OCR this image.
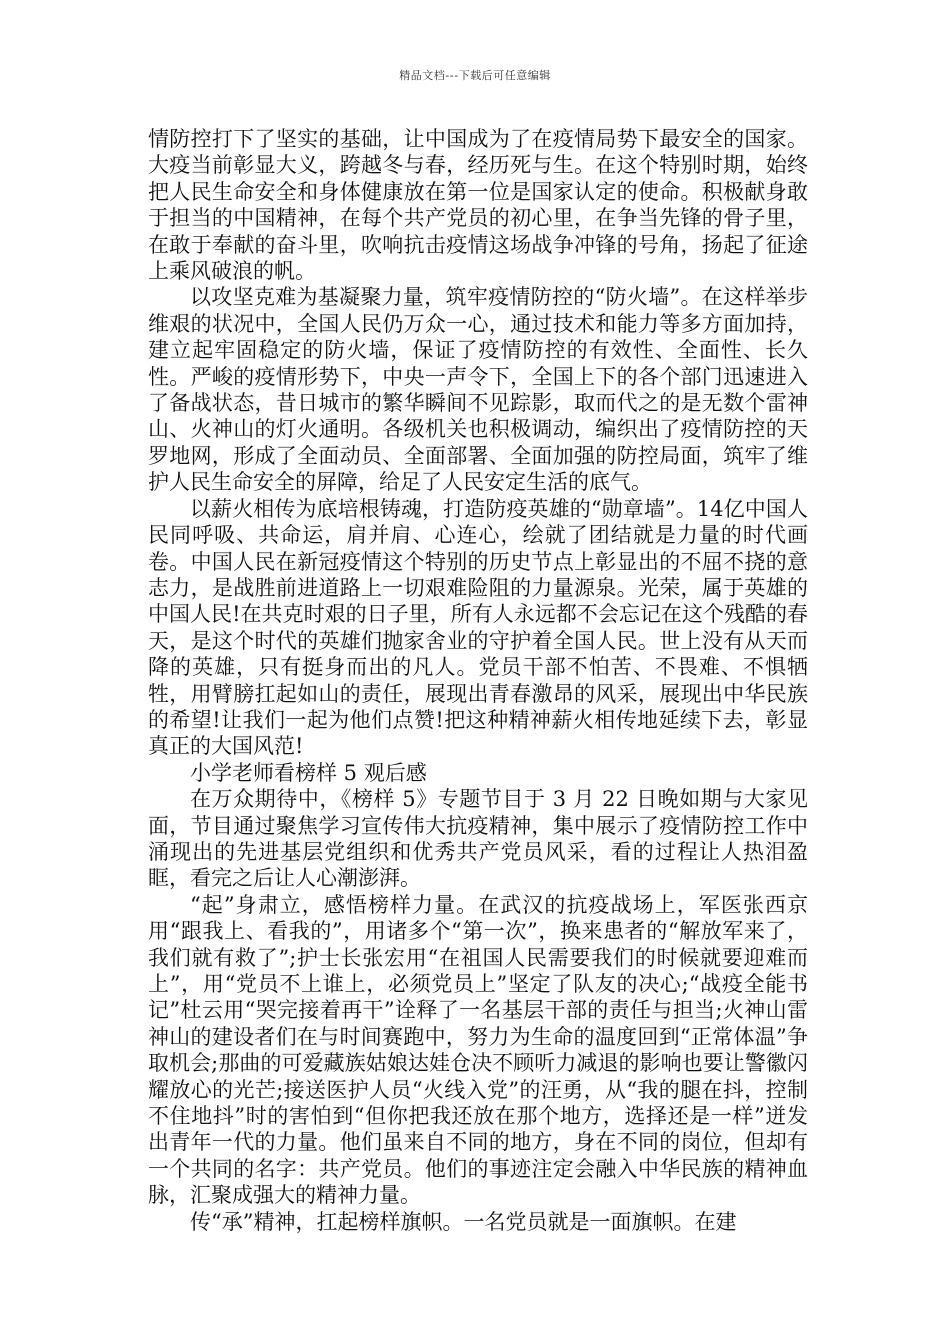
精品文档---下载后可任意编辑

情防控打下了坚实的基础，让中国成为了在疫情局势下最安全的国家。大疫当前彰显大义，跨越冬与春，经历死与生。在这个特别时期，始终把人民生命安全和身体健康放在第一位是国家认定的使命。积极献身敢于担当的中国精神，在每个共产党员的初心里，在争当先锋的骨子里，在敢于奉献的奋斗里，吹响抗击疫情这场战争冲锋的号角，扬起了征途上乘风破浪的帆。

以攻坚克难为基凝聚力量，筑牢疫情防控的“防火墙”。在这样举步维艰的状况中，全国人民仍万众一心，通过技术和能力等多方面加持，建立起牢固稳定的防火墙，保证了疫情防控的有效性、全面性、长久性。严峻的疫情形势下，中央一声令下，全国上下的各个部门迅速进入了备战状态，昔日城市的繁华瞬间不见踪影，取而代之的是无数个雷神山、火神山的灯火通明。各级机关也积极调动，编织出了疫情防控的天罗地网，形成了全面动员、全面部署、全面加强的防控局面，筑牢了维护人民生命安全的屏障，给足了人民安定生活的底气。

以薪火相传为底培根铸魂，打造防疫英雄的“勋章墙”。14亿中国人民同呼吸、共命运，肩并肩、心连心，绘就了团结就是力量的时代画卷。中国人民在新冠疫情这个特别的历史节点上彰显出的不屈不挠的意志力，是战胜前进道路上一切艰难险阻的力量源泉。光荣，属于英雄的中国人民!在共克时艰的日子里，所有人永远都不会忘记在这个残酷的春天，是这个时代的英雄们抛家舍业的守护着全国人民。世上没有从天而降的英雄，只有挺身而出的凡人。党员干部不怕苦、不畏难、不惧牺牲，用臂膀扛起如山的责任，展现出青春激昂的风采，展现出中华民族的希望!让我们一起为他们点赞!把这种精神薪火相传地延续下去，彰显真正的大国风范!

小学老师看榜样 5 观后感

在万众期待中，《榜样 5》专题节目于 3 月 22 日晚如期与大家见面，节目通过聚焦学习宣传伟大抗疫精神，集中展示了疫情防控工作中涌现出的先进基层党组织和优秀共产党员风采，看的过程让人热泪盈眶，看完之后让人心潮澎湃。

“起”身肃立，感悟榜样力量。在武汉的抗疫战场上，军医张西京用“跟我上、看我的”，用诸多个“第一次”，换来患者的“解放军来了，我们就有救了”;护士长张宏用“在祖国人民需要我们的时候就要迎难而上”，用“党员不上谁上，必须党员上”坚定了队友的决心;“战疫全能书记”杜云用“哭完接着再干”诠释了一名基层干部的责任与担当;火神山雷神山的建设者们在与时间赛跑中，努力为生命的温度回到“正常体温”争取机会;那曲的可爱藏族姑娘达娃仓决不顾听力减退的影响也要让警徽闪耀放心的光芒;接送医护人员“火线入党”的汪勇，从“我的腿在抖，控制不住地抖”时的害怕到“但你把我还放在那个地方，选择还是一样”迸发出青年一代的力量。他们虽来自不同的地方，身在不同的岗位，但却有一个共同的名字：共产党员。他们的事迹注定会融入中华民族的精神血脉，汇聚成强大的精神力量。

传“承”精神，扛起榜样旗帜。一名党员就是一面旗帜。在建
